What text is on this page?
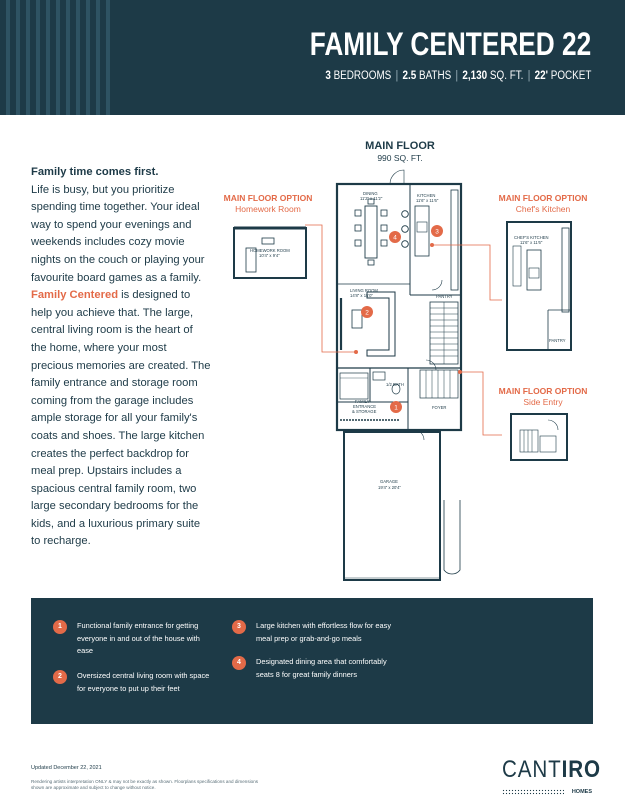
FAMILY CENTERED 22
3 BEDROOMS | 2.5 BATHS | 2,130 SQ. FT. | 22' POCKET
Family time comes first.
Life is busy, but you prioritize spending time together. Your ideal way to spend your evenings and weekends includes cozy movie nights on the couch or playing your favourite board games as a family. Family Centered is designed to help you achieve that. The large, central living room is the heart of the home, where your most precious memories are created. The family entrance and storage room coming from the garage includes ample storage for all your family's coats and shoes. The large kitchen creates the perfect backdrop for meal prep. Upstairs includes a spacious central family room, two large secondary bedrooms for the kids, and a luxurious primary suite to recharge.
MAIN FLOOR
990 SQ. FT.
MAIN FLOOR OPTION
Homework Room
MAIN FLOOR OPTION
Chef's Kitchen
MAIN FLOOR OPTION
Side Entry
DINING
11'2" x 11'2"
KITCHEN
11'6" x 11'6"
LIVING ROOM
14'8" x 15'0"	PANTRY
1/2 BATH
FAMILY
ENTRANCE
& STORAGE
FOYER
GARAGE
19'4" x 20'4"
1
2
3
4
HOMEWORK ROOM
10'4" x 9'4"
CHEF'S KITCHEN
11'6" x 11'6"
PANTRY
1	Functional family entrance for getting everyone in and out of the house with ease
2	Oversized central living room with space for everyone to put up their feet
3	Large kitchen with effortless flow for easy meal prep or grab-and-go meals
4	Designated dining area that comfortably seats 8 for great family dinners
Updated December 22, 2021
Rendering artists interpretation ONLY & may not be exactly as shown. Floorplans specifications and dimensions shown are approximate and subject to change without notice.
CANTIRO
HOMES
